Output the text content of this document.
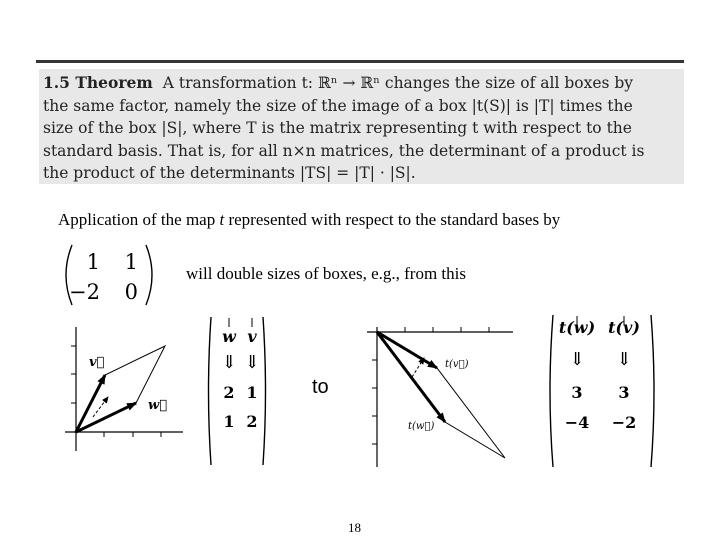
1.5 Theorem A transformation t: ℝⁿ → ℝⁿ changes the size of all boxes by
the same factor, namely the size of the image of a box |t(S)| is |T| times the
size of the box |S|, where T is the matrix representing t with respect to the
standard basis. That is, for all n×n matrices, the determinant of a product is
the product of the determinants |TS| = |T| · |S|.
Application of the map t represented with respect to the standard bases by
1 1
−2 0
will double sizes of boxes, e.g., from this
v⃗
w⃗
w v
⇓ ⇓
2 1
1 2
to
t(v⃗)
t(w⃗)
t(w) t(v)
⇓ ⇓
3 3
−4 −2
18
